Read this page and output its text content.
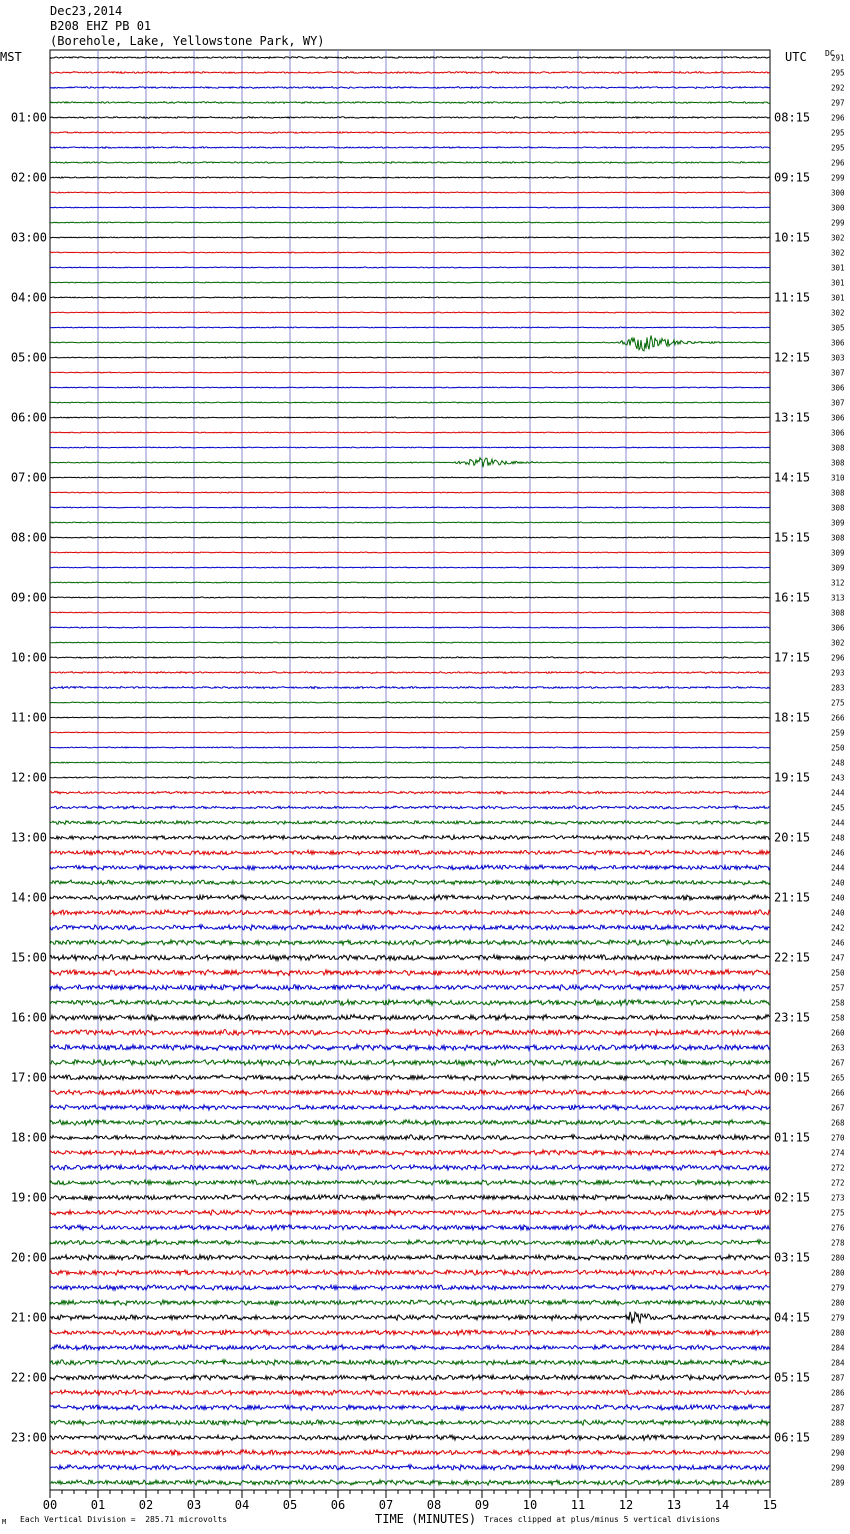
Dec23,2014
B208 EHZ PB 01
(Borehole, Lake, Yellowstone Park, WY)
MST	UTC DC
01:00
02:00
03:00
04:00
05:00
06:00
07:00
08:00
09:00
10:00
11:00
12:00
13:00
14:00
15:00
16:00
17:00
18:00
19:00
20:00
21:00
22:00
23:00
08:15
09:15
10:15
11:15
12:15
13:15
14:15
15:15
16:15
17:15
18:15
19:15
20:15
21:15
22:15
23:15
00:15
01:15
02:15
03:15
04:15
05:15
06:15
291
295
292
297
296
295
295
296
299
300
300
299
302
302
301
301
301
302
305
306
303
307
306
307
306
306
308
308
310
308
308
309
308
309
309
312
313
308
306
302
296
293
283
275
266
259
250
248
243
244
245
244
248
246
244
240
240
240
242
246
247
250
257
258
258
260
263
267
265
266
267
268
270
274
272
272
273
275
276
278
280
280
279
280
279
280
284
284
287
286
287
288
289
290
290
289
00	01	02	03	04	05	06	07	08	09	10	11	12	13	14	15
M Each Vertical Division =  285.71 microvolts	TIME (MINUTES) Traces clipped at plus/minus 5 vertical divisions
